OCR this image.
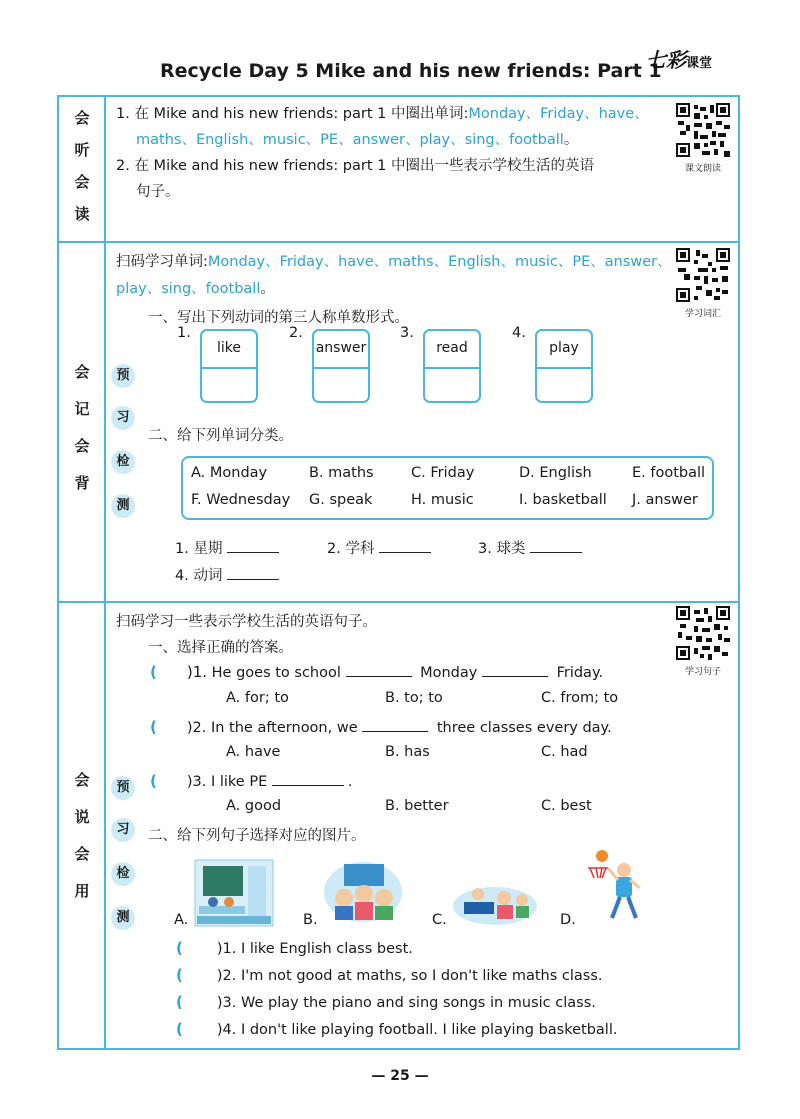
Recycle Day 5 Mike and his new friends: Part 1
七彩课堂
会
听
会
读
1. 在 Mike and his new friends: part 1 中圈出单词:Monday、Friday、have、
maths、English、music、PE、answer、play、sing、football。
2. 在 Mike and his new friends: part 1 中圈出一些表示学校生活的英语
句子。
课文朗读
会
记
会
背
预
习
检
测
扫码学习单词:Monday、Friday、have、maths、English、music、PE、answer、
play、sing、football。
学习词汇
一、写出下列动词的第三人称单数形式。
1.
like
2.
answer
3.
read
4.
play
二、给下列单词分类。
A. Monday	B. maths	C. Friday	D. English	E. football
F. Wednesday G. speak	H. music	I. basketball J. answer
1. 星期	2. 学科	3. 球类
4. 动词
会
说
会
用
预
习
检
测
扫码学习一些表示学校生活的英语句子。
学习句子
一、选择正确的答案。
( )1. He goes to school	Monday	Friday.
A. for; to	B. to; to	C. from; to
( )2. In the afternoon, we	three classes every day.
A. have	B. has	C. had
( )3. I like PE	.
A. good	B. better	C. best
二、给下列句子选择对应的图片。
A.	B.	C.	D.
( )1. I like English class best.
( )2. I'm not good at maths, so I don't like maths class.
( )3. We play the piano and sing songs in music class.
( )4. I don't like playing football. I like playing basketball.
— 25 —
